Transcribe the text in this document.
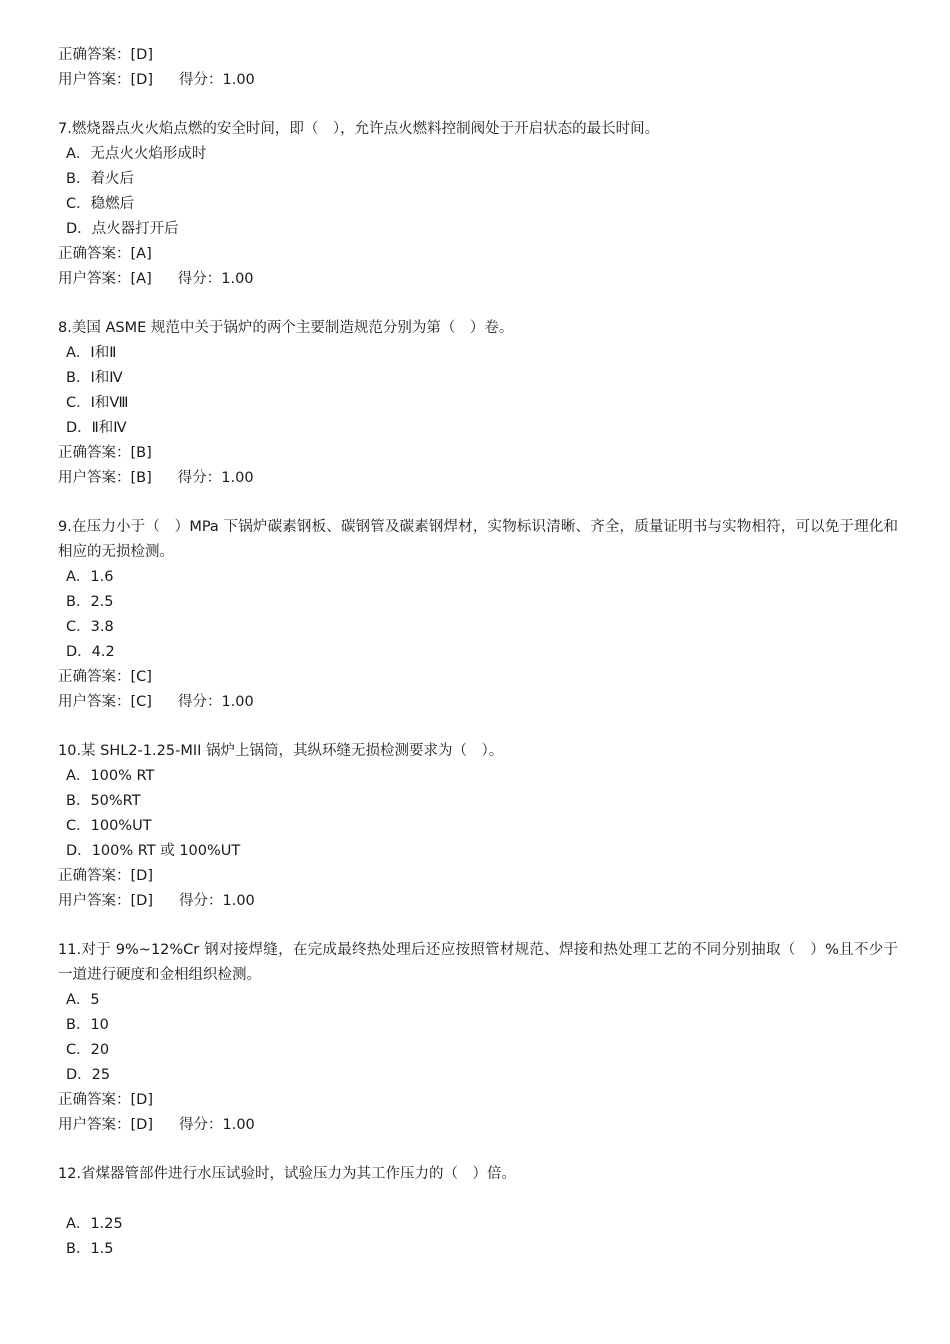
正确答案：[D]
用户答案：[D] 得分：1.00
7.燃烧器点火火焰点燃的安全时间，即（　），允许点火燃料控制阀处于开启状态的最长时间。
A．无点火火焰形成时
B．着火后
C．稳燃后
D．点火器打开后
正确答案：[A]
用户答案：[A] 得分：1.00
8.美国 ASME 规范中关于锅炉的两个主要制造规范分别为第（　）卷。
A．Ⅰ和Ⅱ
B．Ⅰ和Ⅳ
C．Ⅰ和Ⅷ
D．Ⅱ和Ⅳ
正确答案：[B]
用户答案：[B] 得分：1.00
9.在压力小于（　）MPa 下锅炉碳素钢板、碳钢管及碳素钢焊材，实物标识清晰、齐全，质量证明书与实物相符，可以免于理化和相应的无损检测。
A．1.6
B．2.5
C．3.8
D．4.2
正确答案：[C]
用户答案：[C] 得分：1.00
10.某 SHL2-1.25-MII 锅炉上锅筒，其纵环缝无损检测要求为（　）。
A．100% RT
B．50%RT
C．100%UT
D．100% RT 或 100%UT
正确答案：[D]
用户答案：[D] 得分：1.00
11.对于 9%~12%Cr 钢对接焊缝，在完成最终热处理后还应按照管材规范、焊接和热处理工艺的不同分别抽取（　）%且不少于一道进行硬度和金相组织检测。
A．5
B．10
C．20
D．25
正确答案：[D]
用户答案：[D] 得分：1.00
12.省煤器管部件进行水压试验时，试验压力为其工作压力的（　）倍。
A．1.25
B．1.5
